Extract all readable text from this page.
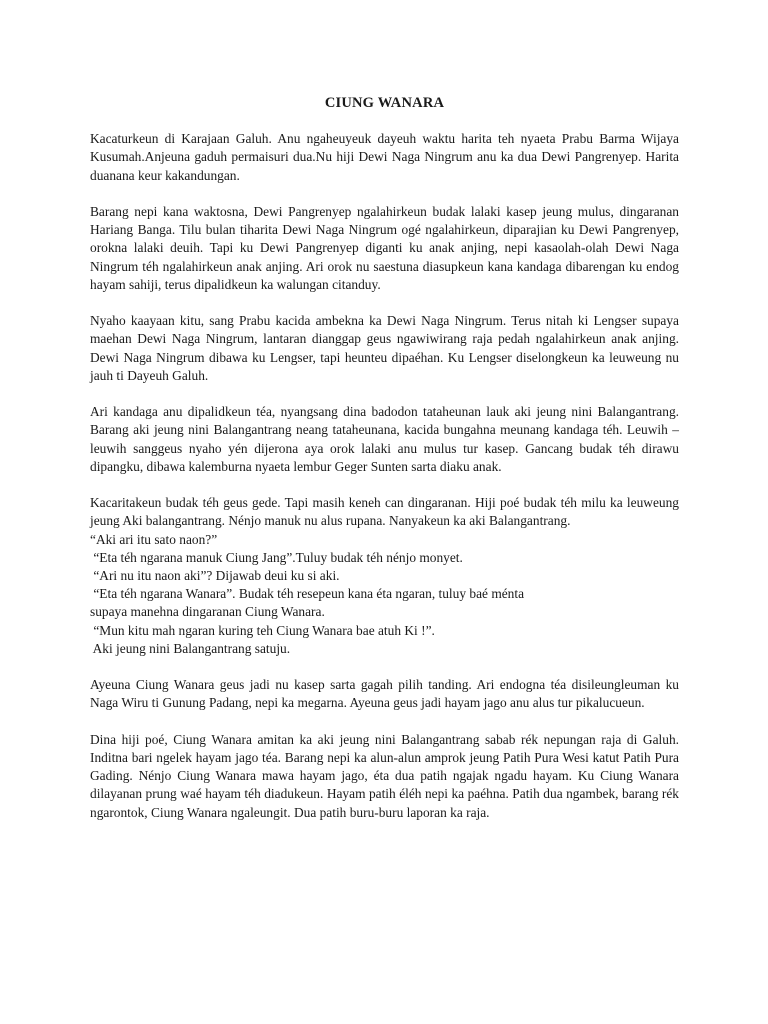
CIUNG WANARA
Kacaturkeun di Karajaan Galuh. Anu ngaheuyeuk dayeuh waktu harita teh nyaeta Prabu Barma Wijaya Kusumah.Anjeuna gaduh permaisuri dua.Nu hiji Dewi Naga Ningrum anu ka dua Dewi Pangrenyep. Harita duanana keur kakandungan.
Barang nepi kana waktosna, Dewi Pangrenyep ngalahirkeun budak lalaki kasep jeung mulus, dingaranan Hariang Banga. Tilu bulan tiharita Dewi Naga Ningrum ogé ngalahirkeun, diparajian ku Dewi Pangrenyep, orokna lalaki deuih. Tapi ku Dewi Pangrenyep diganti ku anak anjing, nepi kasaolah-olah Dewi Naga Ningrum téh ngalahirkeun anak anjing. Ari orok nu saestuna diasupkeun kana kandaga dibarengan ku endog hayam sahiji, terus dipalidkeun ka walungan citanduy.
Nyaho kaayaan kitu, sang Prabu kacida ambekna ka Dewi Naga Ningrum. Terus nitah ki Lengser supaya maehan Dewi Naga Ningrum, lantaran dianggap geus ngawiwirang raja pedah ngalahirkeun anak anjing. Dewi Naga Ningrum dibawa ku Lengser, tapi heunteu dipaéhan. Ku Lengser diselongkeun ka leuweung nu jauh ti Dayeuh Galuh.
Ari kandaga anu dipalidkeun téa, nyangsang dina badodon tataheunan lauk aki jeung nini Balangantrang. Barang aki jeung nini Balangantrang neang tataheunana, kacida bungahna meunang kandaga téh. Leuwih – leuwih sanggeus nyaho yén dijerona aya orok lalaki anu mulus tur kasep. Gancang budak téh dirawu dipangku, dibawa kalemburna nyaeta lembur Geger Sunten sarta diaku anak.
Kacaritakeun budak téh geus gede. Tapi masih keneh can dingaranan. Hiji poé budak téh milu ka leuweung jeung Aki balangantrang. Nénjo manuk nu alus rupana. Nanyakeun ka aki Balangantrang.
“Aki ari itu sato naon?”
“Eta téh ngarana manuk Ciung Jang”.Tuluy budak téh nénjo monyet.
“Ari nu itu naon aki”? Dijawab deui ku si aki.
“Eta téh ngarana Wanara”. Budak téh resepeun kana éta ngaran, tuluy baé ménta
supaya manehna dingaranan Ciung Wanara.
“Mun kitu mah ngaran kuring teh Ciung Wanara bae atuh Ki !”.
Aki jeung nini Balangantrang satuju.
Ayeuna Ciung Wanara geus jadi nu kasep sarta gagah pilih tanding. Ari endogna téa disileungleuman ku Naga Wiru ti Gunung Padang, nepi ka megarna. Ayeuna geus jadi hayam jago anu alus tur pikalucueun.
Dina hiji poé, Ciung Wanara amitan ka aki jeung nini Balangantrang sabab rék nepungan raja di Galuh. Inditna bari ngelek hayam jago téa. Barang nepi ka alun-alun amprok jeung Patih Pura Wesi katut Patih Pura Gading. Nénjo Ciung Wanara mawa hayam jago, éta dua patih ngajak ngadu hayam. Ku Ciung Wanara dilayanan prung waé hayam téh diadukeun. Hayam patih éléh nepi ka paéhna. Patih dua ngambek, barang rék ngarontok, Ciung Wanara ngaleungit. Dua patih buru-buru laporan ka raja.
